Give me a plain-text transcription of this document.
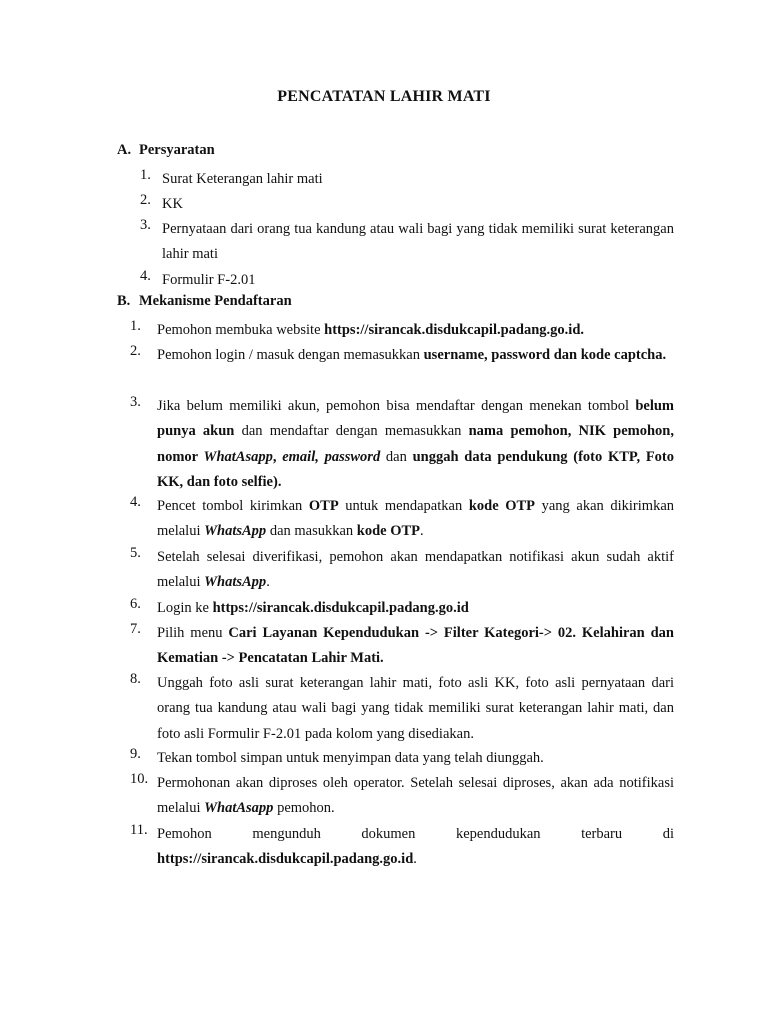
PENCATATAN LAHIR MATI
A. Persyaratan
1. Surat Keterangan lahir mati
2. KK
3. Pernyataan dari orang tua kandung atau wali bagi yang tidak memiliki surat keterangan lahir mati
4. Formulir F-2.01
B. Mekanisme Pendaftaran
1.	Pemohon membuka website https://sirancak.disdukcapil.padang.go.id.
2.	Pemohon login / masuk dengan memasukkan username, password dan kode captcha.
3.	Jika belum memiliki akun, pemohon bisa mendaftar dengan menekan tombol belum punya akun dan mendaftar dengan memasukkan nama pemohon, NIK pemohon, nomor WhatAsapp, email, password dan unggah data pendukung (foto KTP, Foto KK, dan foto selfie).
4.	Pencet tombol kirimkan OTP untuk mendapatkan kode OTP yang akan dikirimkan melalui WhatsApp dan masukkan kode OTP.
5.	Setelah selesai diverifikasi, pemohon akan mendapatkan notifikasi akun sudah aktif melalui WhatsApp.
6.	Login ke https://sirancak.disdukcapil.padang.go.id
7.	Pilih menu Cari Layanan Kependudukan -> Filter Kategori-> 02. Kelahiran dan Kematian -> Pencatatan Lahir Mati.
8.	Unggah foto asli surat keterangan lahir mati, foto asli KK, foto asli pernyataan dari orang tua kandung atau wali bagi yang tidak memiliki surat keterangan lahir mati, dan foto asli Formulir F-2.01 pada kolom yang disediakan.
9.	Tekan tombol simpan untuk menyimpan data yang telah diunggah.
10. Permohonan akan diproses oleh operator. Setelah selesai diproses, akan ada notifikasi melalui WhatAsapp pemohon.
11. Pemohon mengunduh dokumen kependudukan terbaru di https://sirancak.disdukcapil.padang.go.id.
